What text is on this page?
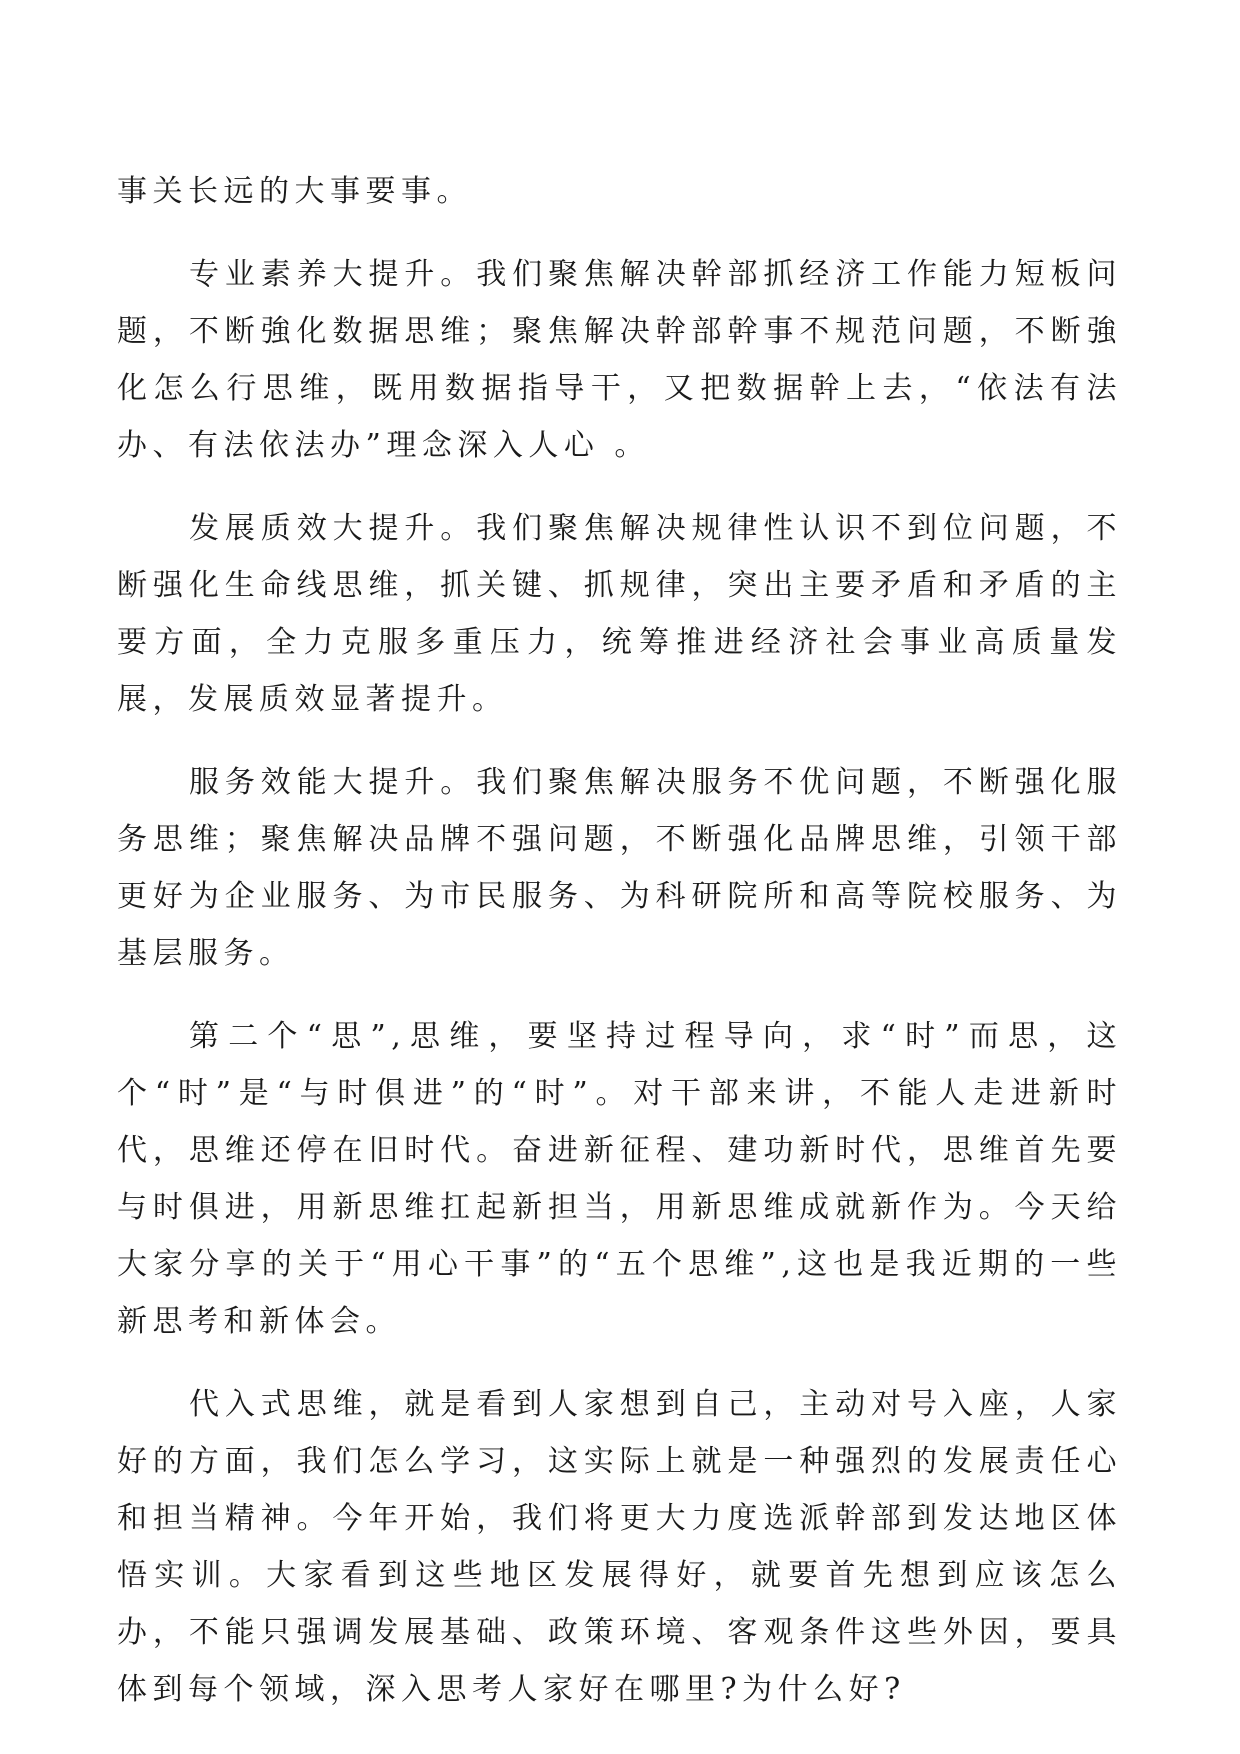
事关长远的大事要事。

专业素养大提升。我们聚焦解决幹部抓经济工作能力短板问题，不断強化数据思维；聚焦解决幹部幹事不规范问题，不断強化怎么行思维，既用数据指导干，又把数据幹上去，“依法有法办、有法依法办”理念深入人心 。

发展质效大提升。我们聚焦解决规律性认识不到位问题，不断强化生命线思维，抓关键、抓规律，突出主要矛盾和矛盾的主要方面，全力克服多重压力，统筹推进经济社会事业高质量发展，发展质效显著提升。

服务效能大提升。我们聚焦解决服务不优问题，不断强化服务思维；聚焦解决品牌不强问题，不断强化品牌思维，引领干部更好为企业服务、为市民服务、为科研院所和高等院校服务、为基层服务。

第二个“思”,思维，要坚持过程导向，求“时”而思，这个“时”是“与时俱进”的“时”。对干部来讲，不能人走进新时代，思维还停在旧时代。奋进新征程、建功新时代，思维首先要与时俱进，用新思维扛起新担当，用新思维成就新作为。今天给大家分享的关于“用心干事”的“五个思维”,这也是我近期的一些新思考和新体会。

代入式思维，就是看到人家想到自己，主动对号入座，人家好的方面，我们怎么学习，这实际上就是一种强烈的发展责任心和担当精神。今年开始，我们将更大力度选派幹部到发达地区体悟实训。大家看到这些地区发展得好，就要首先想到应该怎么办，不能只强调发展基础、政策环境、客观条件这些外因，要具体到每个领域，深入思考人家好在哪里?为什么好?
